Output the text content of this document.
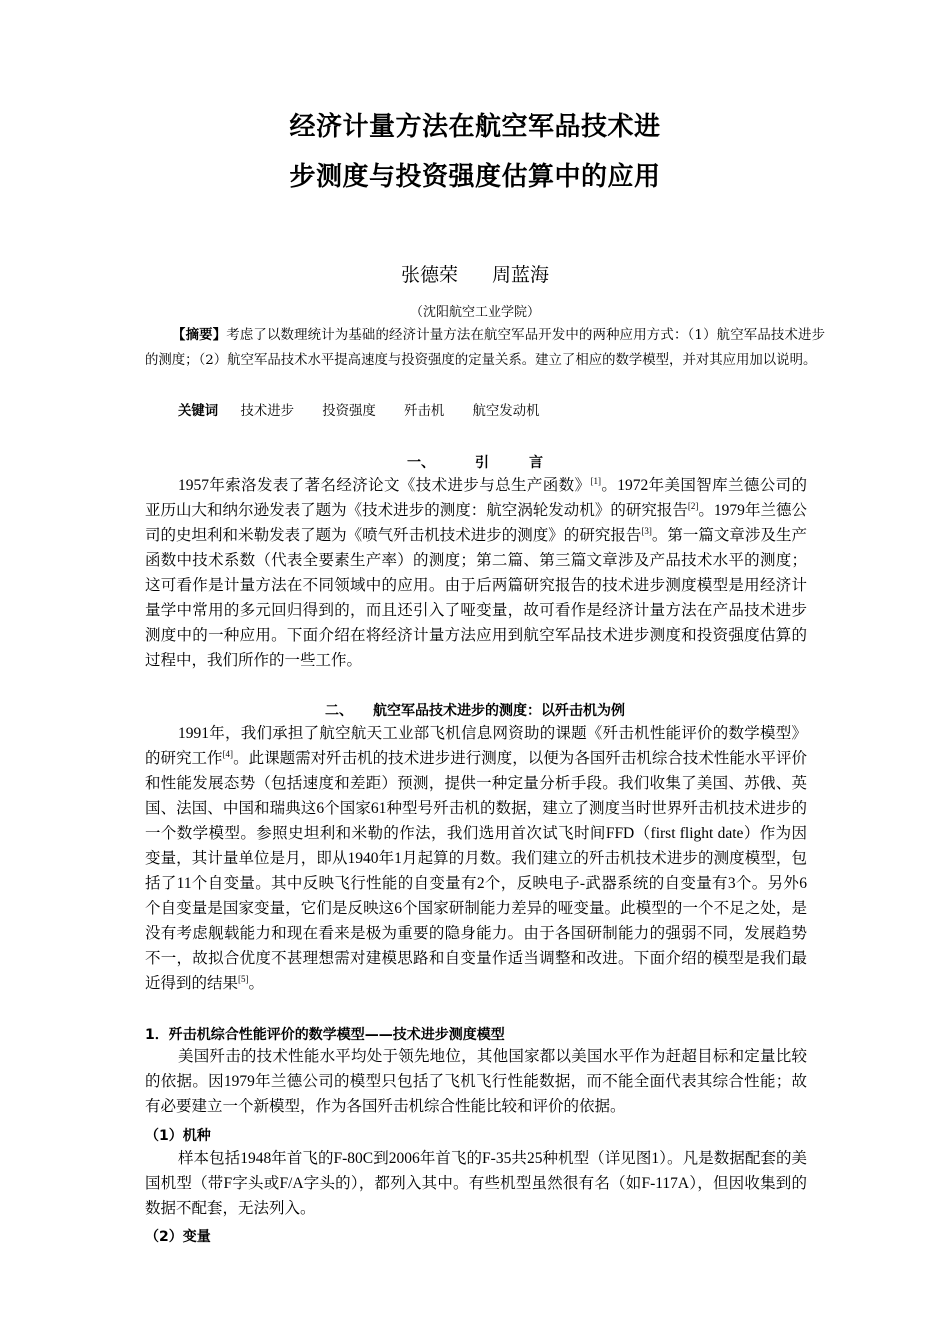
经济计量方法在航空军品技术进
步测度与投资强度估算中的应用
张德荣 周蓝海
（沈阳航空工业学院）
【摘要】考虑了以数理统计为基础的经济计量方法在航空军品开发中的两种应用方式：（1）航空军品技术进步的测度；（2）航空军品技术水平提高速度与投资强度的定量关系。建立了相应的数学模型，并对其应用加以说明。
关键词 技术进步 投资强度 歼击机 航空发动机
一、	引	言

1957年索洛发表了著名经济论文《技术进步与总生产函数》[1]。1972年美国智库兰德公司的亚历山大和纳尔逊发表了题为《技术进步的测度：航空涡轮发动机》的研究报告[2]。1979年兰德公司的史坦利和米勒发表了题为《喷气歼击机技术进步的测度》的研究报告[3]。第一篇文章涉及生产函数中技术系数（代表全要素生产率）的测度；第二篇、第三篇文章涉及产品技术水平的测度；这可看作是计量方法在不同领域中的应用。由于后两篇研究报告的技术进步测度模型是用经济计量学中常用的多元回归得到的，而且还引入了哑变量，故可看作是经济计量方法在产品技术进步测度中的一种应用。下面介绍在将经济计量方法应用到航空军品技术进步测度和投资强度估算的过程中，我们所作的一些工作。

二、 航空军品技术进步的测度：以歼击机为例

1991年，我们承担了航空航天工业部飞机信息网资助的课题《歼击机性能评价的数学模型》的研究工作[4]。此课题需对歼击机的技术进步进行测度，以便为各国歼击机综合技术性能水平评价和性能发展态势（包括速度和差距）预测，提供一种定量分析手段。我们收集了美国、苏俄、英国、法国、中国和瑞典这6个国家61种型号歼击机的数据，建立了测度当时世界歼击机技术进步的一个数学模型。参照史坦利和米勒的作法，我们选用首次试飞时间FFD（first flight date）作为因变量，其计量单位是月，即从1940年1月起算的月数。我们建立的歼击机技术进步的测度模型，包括了11个自变量。其中反映飞行性能的自变量有2个，反映电子-武器系统的自变量有3个。另外6个自变量是国家变量，它们是反映这6个国家研制能力差异的哑变量。此模型的一个不足之处，是没有考虑舰载能力和现在看来是极为重要的隐身能力。由于各国研制能力的强弱不同，发展趋势不一，故拟合优度不甚理想需对建模思路和自变量作适当调整和改进。下面介绍的模型是我们最近得到的结果[5]。

1．歼击机综合性能评价的数学模型——技术进步测度模型

美国歼击的技术性能水平均处于领先地位，其他国家都以美国水平作为赶超目标和定量比较的依据。因1979年兰德公司的模型只包括了飞机飞行性能数据，而不能全面代表其综合性能；故有必要建立一个新模型，作为各国歼击机综合性能比较和评价的依据。

（1）机种

样本包括1948年首飞的F-80C到2006年首飞的F-35共25种机型（详见图1）。凡是数据配套的美国机型（带F字头或F/A字头的），都列入其中。有些机型虽然很有名（如F-117A），但因收集到的数据不配套，无法列入。

（2）变量
